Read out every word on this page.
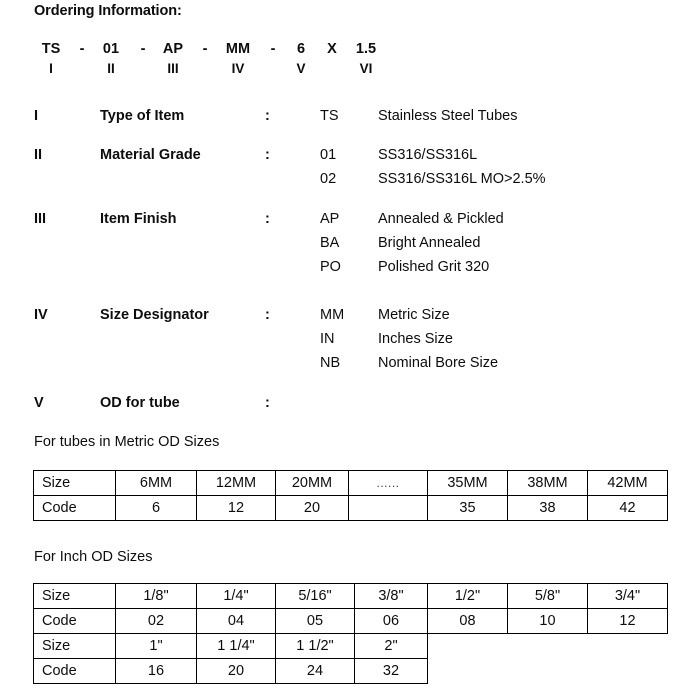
Ordering Information:
TS	-	01	-	AP	-	MM	-	6	X	1.5
I	II	III	IV	V	VI
I	Type of Item	:	TS	Stainless Steel Tubes
II	Material Grade	:	01	SS316/SS316L
02	SS316/SS316L MO>2.5%
III	Item Finish	:	AP	Annealed & Pickled
BA	Bright Annealed
PO	Polished Grit 320
IV	Size Designator	:	MM Metric Size
IN	Inches Size
NB	Nominal Bore Size
V	OD for tube	:
For tubes in Metric OD Sizes
Size	6MM	12MM	20MM	......	35MM	38MM	42MM
Code	6	12	20		35	38	42
For Inch OD Sizes
Size	1/8"	1/4"	5/16"	3/8"	1/2"	5/8"	3/4"
Code	02	04	05	06	08	10	12
Size	1"	1 1/4"	1 1/2"	2"			
Code	16	20	24	32			
